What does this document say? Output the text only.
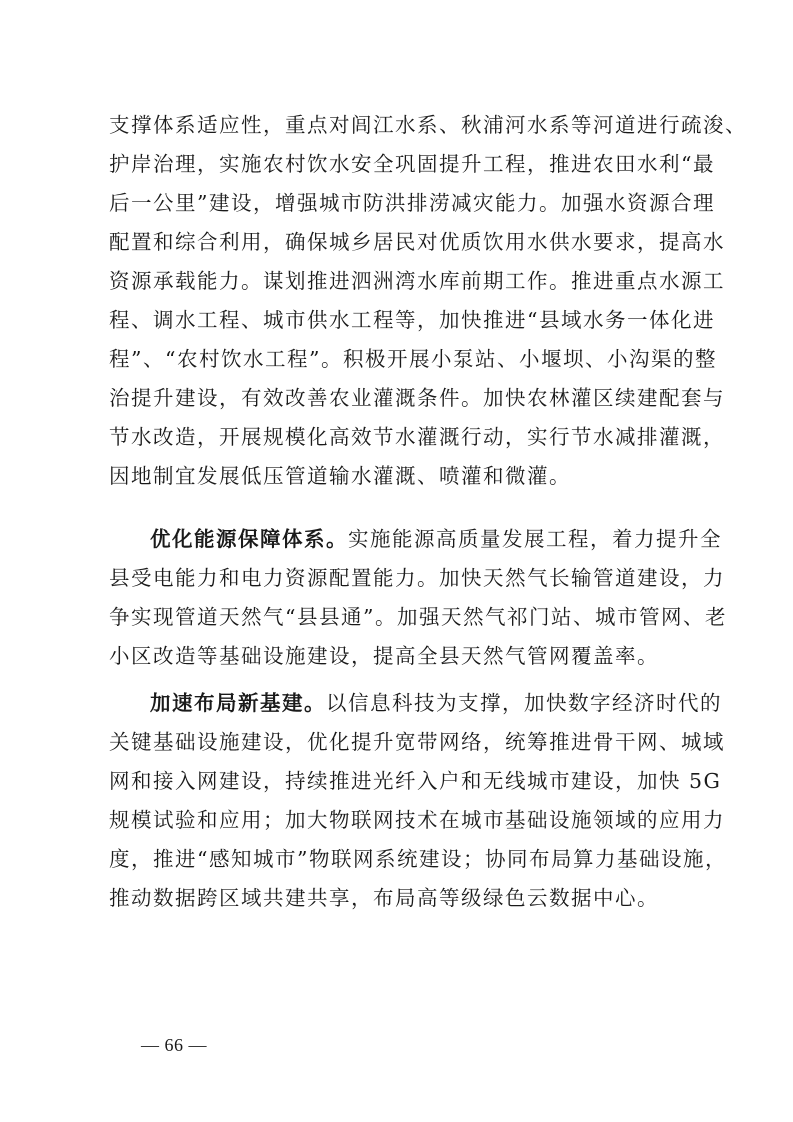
支撑体系适应性，重点对闾江水系、秋浦河水系等河道进行疏浚、
护岸治理，实施农村饮水安全巩固提升工程，推进农田水利“最
后一公里”建设，增强城市防洪排涝减灾能力。加强水资源合理
配置和综合利用，确保城乡居民对优质饮用水供水要求，提高水
资源承载能力。谋划推进泗洲湾水库前期工作。推进重点水源工
程、调水工程、城市供水工程等，加快推进“县域水务一体化进
程”、“农村饮水工程”。积极开展小泵站、小堰坝、小沟渠的整
治提升建设，有效改善农业灌溉条件。加快农林灌区续建配套与
节水改造，开展规模化高效节水灌溉行动，实行节水减排灌溉，
因地制宜发展低压管道输水灌溉、喷灌和微灌。
优化能源保障体系。实施能源高质量发展工程，着力提升全
县受电能力和电力资源配置能力。加快天然气长输管道建设，力
争实现管道天然气“县县通”。加强天然气祁门站、城市管网、老
小区改造等基础设施建设，提高全县天然气管网覆盖率。
加速布局新基建。以信息科技为支撑，加快数字经济时代的
关键基础设施建设，优化提升宽带网络，统筹推进骨干网、城域
网和接入网建设，持续推进光纤入户和无线城市建设，加快 5G
规模试验和应用；加大物联网技术在城市基础设施领域的应用力
度，推进“感知城市”物联网系统建设；协同布局算力基础设施，
推动数据跨区域共建共享，布局高等级绿色云数据中心。
— 66 —
